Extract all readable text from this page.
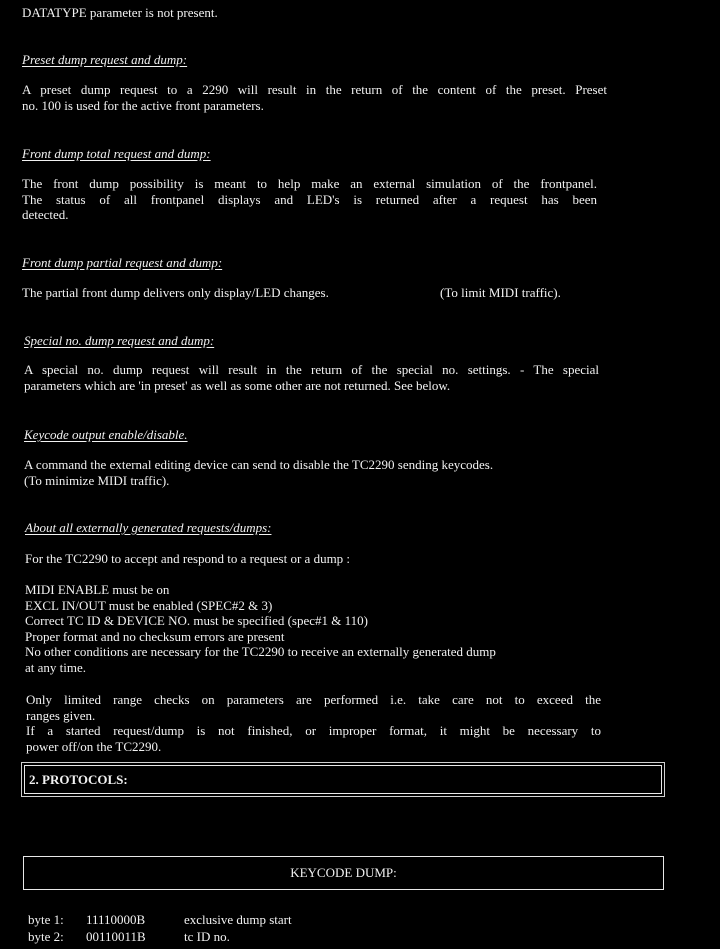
DATATYPE parameter is not present.
Preset dump request and dump:
A preset dump request to a 2290 will result in the return of the content of the preset. Preset
no. 100 is used for the active front parameters.
Front dump total request and dump:
The front dump possibility is meant to help make an external simulation of the frontpanel.
The status of all frontpanel displays and LED's is returned after a request has been
detected.
Front dump partial request and dump:
The partial front dump delivers only display/LED changes.	(To limit MIDI traffic).
Special no. dump request and dump:
A special no. dump request will result in the return of the special no. settings. - The special
parameters which are 'in preset' as well as some other are not returned. See below.
Keycode output enable/disable.
A command the external editing device can send to disable the TC2290 sending keycodes.
(To minimize MIDI traffic).
About all externally generated requests/dumps:
For the TC2290 to accept and respond to a request or a dump :
MIDI ENABLE must be on
EXCL IN/OUT must be enabled (SPEC#2 & 3)
Correct TC ID & DEVICE NO. must be specified (spec#1 & 110)
Proper format and no checksum errors are present
No other conditions are necessary for the TC2290 to receive an externally generated dump
at any time.
Only limited range checks on parameters are performed i.e. take care not to exceed the
ranges given.
If a started request/dump is not finished, or improper format, it might be necessary to
power off/on the TC2290.
2. PROTOCOLS:
KEYCODE DUMP:
byte 1: 11110000B	exclusive dump start
byte 2: 00110011B	tc ID no.
